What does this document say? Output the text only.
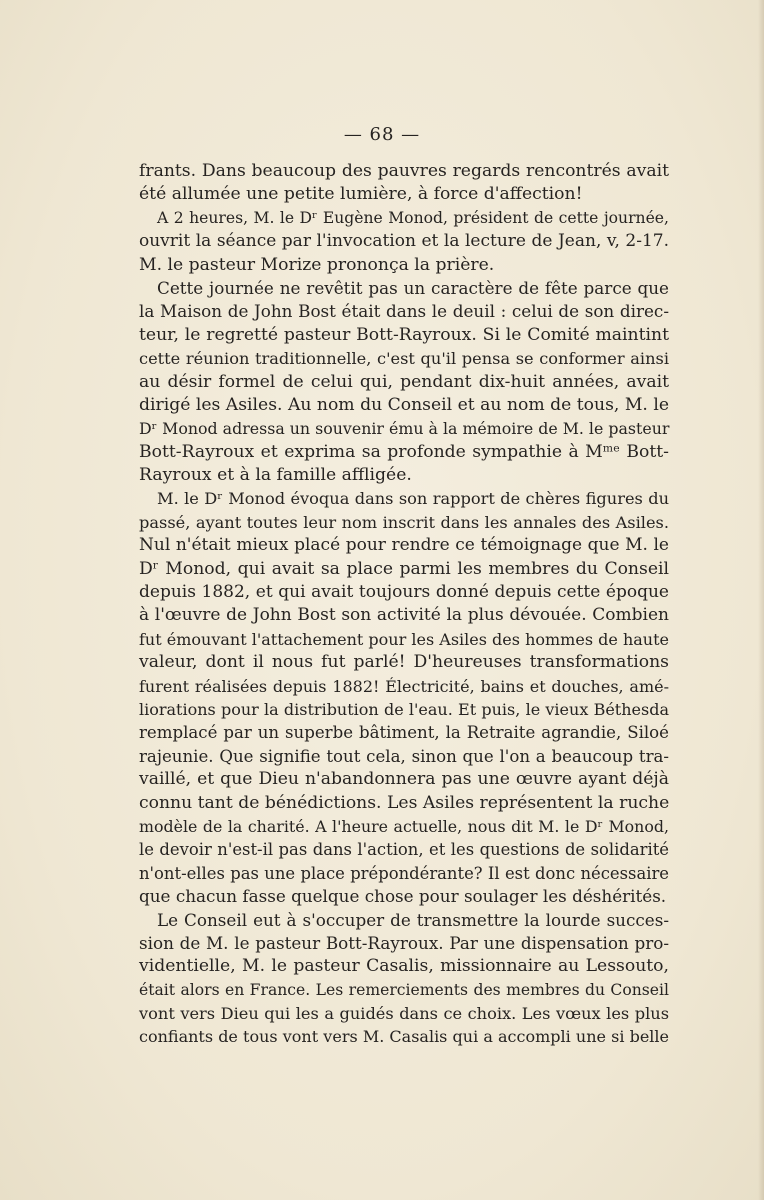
— 68 —
frants. Dans beaucoup des pauvres regards rencontrés avait
été allumée une petite lumière, à force d'affection!
A 2 heures, M. le Dʳ Eugène Monod, président de cette journée,
ouvrit la séance par l'invocation et la lecture de Jean, v, 2-17.
M. le pasteur Morize prononça la prière.
Cette journée ne revêtit pas un caractère de fête parce que
la Maison de John Bost était dans le deuil : celui de son direc-
teur, le regretté pasteur Bott-Rayroux. Si le Comité maintint
cette réunion traditionnelle, c'est qu'il pensa se conformer ainsi
au désir formel de celui qui, pendant dix-huit années, avait
dirigé les Asiles. Au nom du Conseil et au nom de tous, M. le
Dʳ Monod adressa un souvenir ému à la mémoire de M. le pasteur
Bott-Rayroux et exprima sa profonde sympathie à Mᵐᵉ Bott-
Rayroux et à la famille affligée.
M. le Dʳ Monod évoqua dans son rapport de chères figures du
passé, ayant toutes leur nom inscrit dans les annales des Asiles.
Nul n'était mieux placé pour rendre ce témoignage que M. le
Dʳ Monod, qui avait sa place parmi les membres du Conseil
depuis 1882, et qui avait toujours donné depuis cette époque
à l'œuvre de John Bost son activité la plus dévouée. Combien
fut émouvant l'attachement pour les Asiles des hommes de haute
valeur, dont il nous fut parlé! D'heureuses transformations
furent réalisées depuis 1882! Électricité, bains et douches, amé-
liorations pour la distribution de l'eau. Et puis, le vieux Béthesda
remplacé par un superbe bâtiment, la Retraite agrandie, Siloé
rajeunie. Que signifie tout cela, sinon que l'on a beaucoup tra-
vaillé, et que Dieu n'abandonnera pas une œuvre ayant déjà
connu tant de bénédictions. Les Asiles représentent la ruche
modèle de la charité. A l'heure actuelle, nous dit M. le Dʳ Monod,
le devoir n'est-il pas dans l'action, et les questions de solidarité
n'ont-elles pas une place prépondérante? Il est donc nécessaire
que chacun fasse quelque chose pour soulager les déshérités.
Le Conseil eut à s'occuper de transmettre la lourde succes-
sion de M. le pasteur Bott-Rayroux. Par une dispensation pro-
videntielle, M. le pasteur Casalis, missionnaire au Lessouto,
était alors en France. Les remerciements des membres du Conseil
vont vers Dieu qui les a guidés dans ce choix. Les vœux les plus
confiants de tous vont vers M. Casalis qui a accompli une si belle
